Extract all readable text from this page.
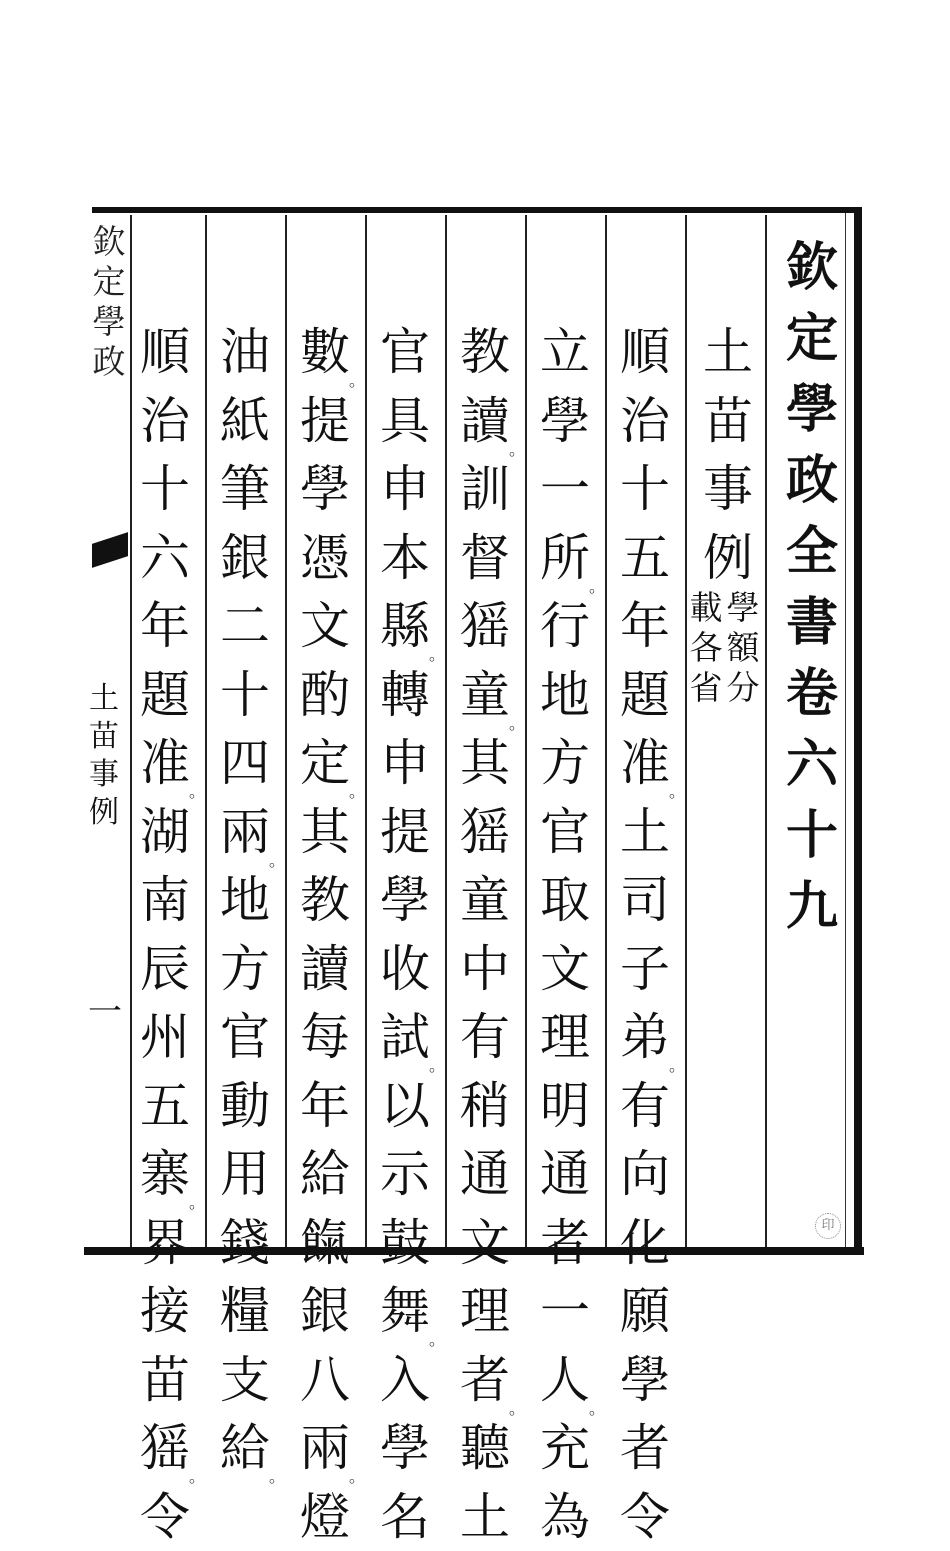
欽
定
學
政
全
書
卷
六
十
九
土
苗
事
例
學
額
分
載
各
省
順
治
十
五
年
題
准
。
土
司
子
弟
。
有
向
化
願
學
者
令
立
學
一
所
。
行
地
方
官
取
文
理
明
通
者
一
人
。
充
為
教
讀
。
訓
督
猺
童
。
其
猺
童
中
有
稍
通
文
理
者
。
聽
土
官
具
申
本
縣
。
轉
申
提
學
收
試
。
以
示
鼓
舞
。
入
學
名
數
。
提
學
憑
文
酌
定
。
其
教
讀
每
年
給
餼
銀
八
兩
。
燈
油
紙
筆
銀
二
十
四
兩
。
地
方
官
動
用
錢
糧
支
給
。
順
治
十
六
年
題
准
。
湖
南
辰
州
五
寨
。
界
接
苗
猺
。
令
欽
定
學
政
土
苗
事
例
一
印
